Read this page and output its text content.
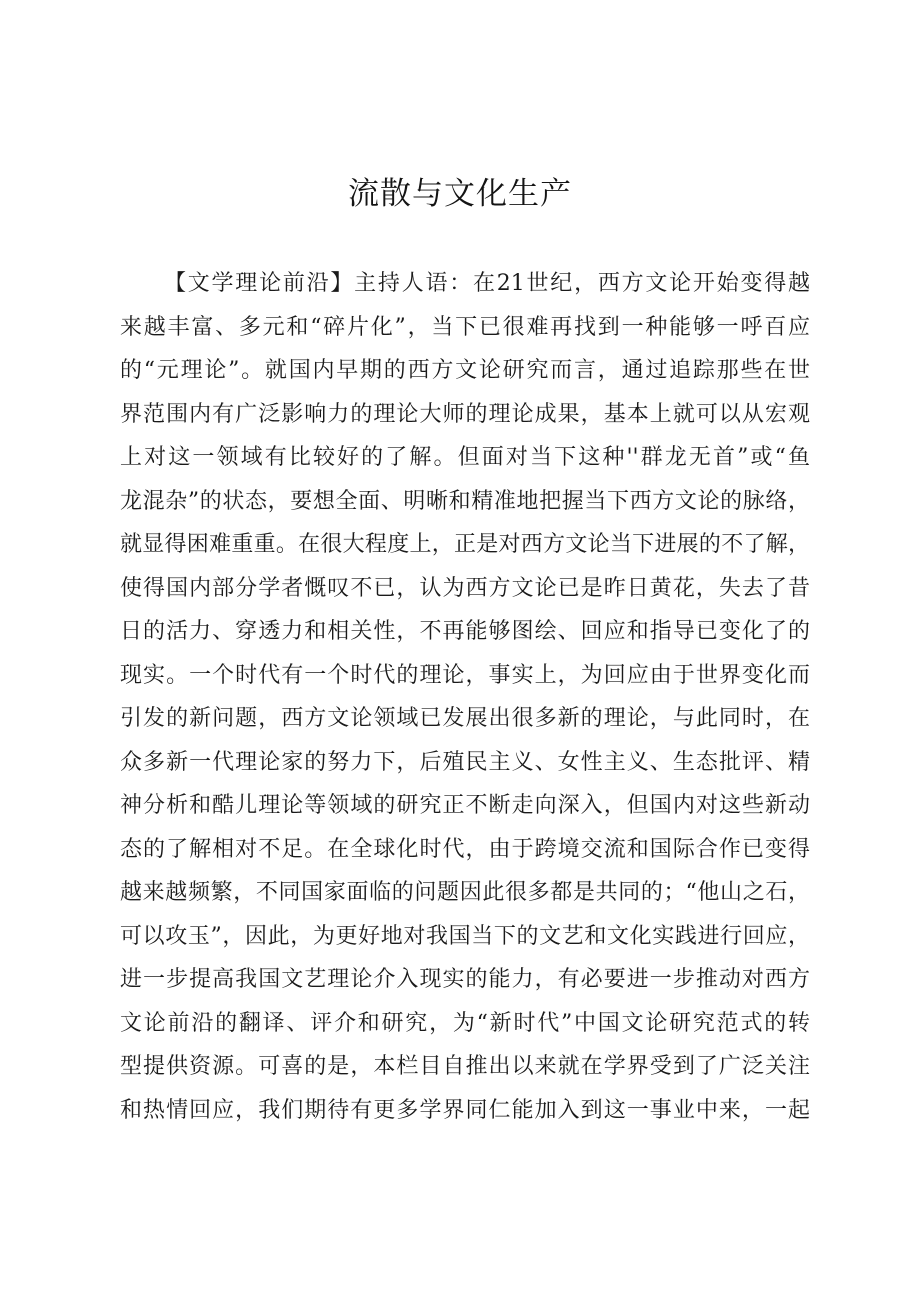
流散与文化生产
【文学理论前沿】主持人语：在21世纪，西方文论开始变得越
来越丰富、多元和“碎片化”，当下已很难再找到一种能够一呼百应
的“元理论”。就国内早期的西方文论研究而言，通过追踪那些在世
界范围内有广泛影响力的理论大师的理论成果，基本上就可以从宏观
上对这一领域有比较好的了解。但面对当下这种''群龙无首”或“鱼
龙混杂”的状态，要想全面、明晰和精准地把握当下西方文论的脉络，
就显得困难重重。在很大程度上，正是对西方文论当下进展的不了解，
使得国内部分学者慨叹不已，认为西方文论已是昨日黄花，失去了昔
日的活力、穿透力和相关性，不再能够图绘、回应和指导已变化了的
现实。一个时代有一个时代的理论，事实上，为回应由于世界变化而
引发的新问题，西方文论领域已发展出很多新的理论，与此同时，在
众多新一代理论家的努力下，后殖民主义、女性主义、生态批评、精
神分析和酷儿理论等领域的研究正不断走向深入，但国内对这些新动
态的了解相对不足。在全球化时代，由于跨境交流和国际合作已变得
越来越频繁，不同国家面临的问题因此很多都是共同的；“他山之石，
可以攻玉”，因此，为更好地对我国当下的文艺和文化实践进行回应，
进一步提高我国文艺理论介入现实的能力，有必要进一步推动对西方
文论前沿的翻译、评介和研究，为“新时代”中国文论研究范式的转
型提供资源。可喜的是，本栏目自推出以来就在学界受到了广泛关注
和热情回应，我们期待有更多学界同仁能加入到这一事业中来，一起
